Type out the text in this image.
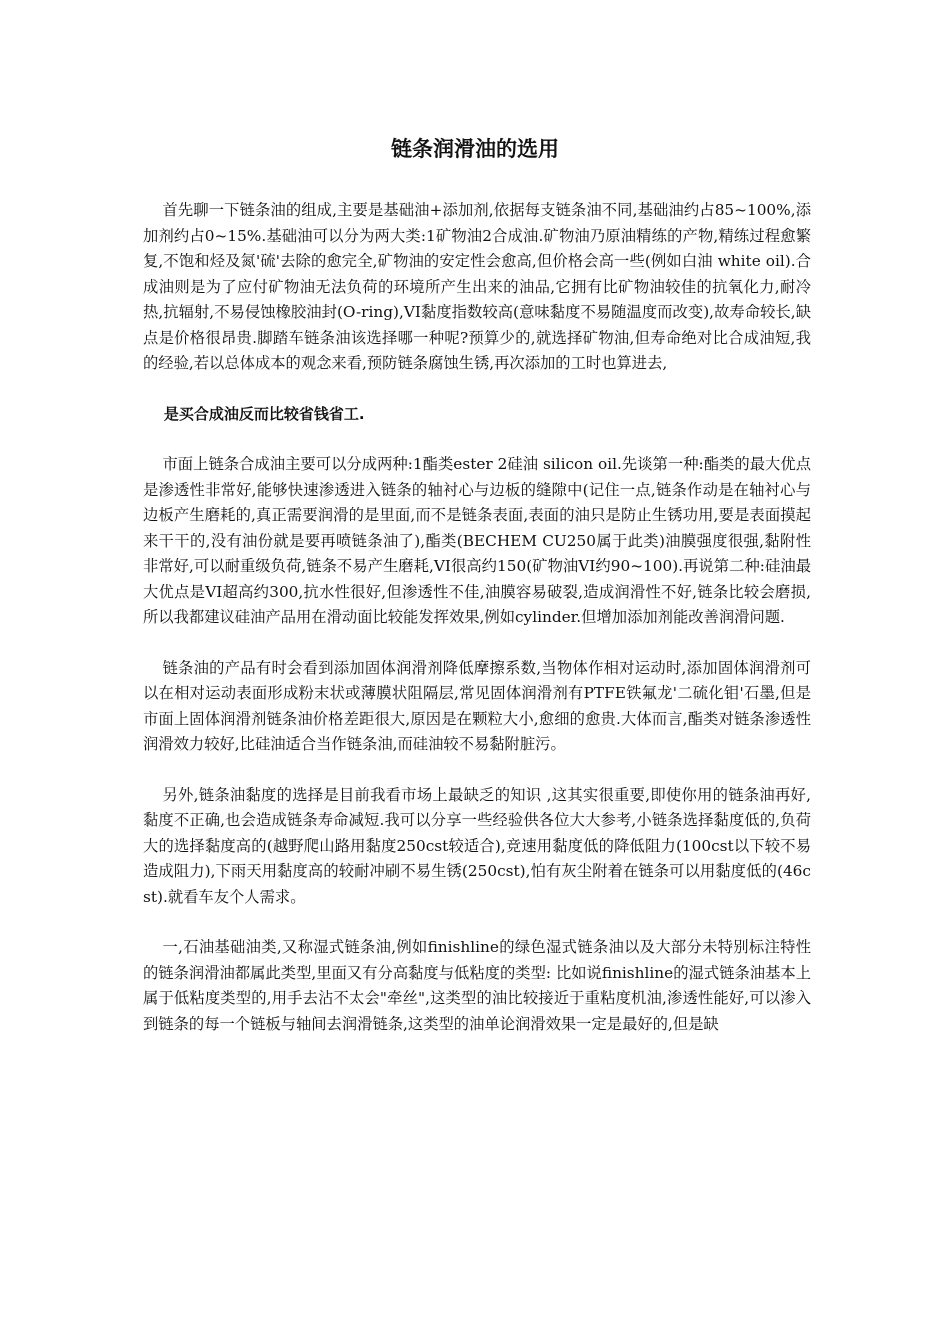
链条润滑油的选用

首先聊一下链条油的组成,主要是基础油+添加剂,依据每支链条油不同,基础油约占85~100%,添加剂约占0~15%.基础油可以分为两大类:1矿物油2合成油.矿物油乃原油精练的产物,精练过程愈繁复,不饱和烃及氮'硫'去除的愈完全,矿物油的安定性会愈高,但价格会高一些(例如白油 white oil).合成油则是为了应付矿物油无法负荷的环境所产生出来的油品,它拥有比矿物油较佳的抗氧化力,耐冷热,抗辐射,不易侵蚀橡胶油封(O-ring),VI黏度指数较高(意味黏度不易随温度而改变),故寿命较长,缺点是价格很昂贵.脚踏车链条油该选择哪一种呢?预算少的,就选择矿物油,但寿命绝对比合成油短,我的经验,若以总体成本的观念来看,预防链条腐蚀生锈,再次添加的工时也算进去,

是买合成油反而比较省钱省工.

市面上链条合成油主要可以分成两种:1酯类ester 2硅油 silicon oil.先谈第一种:酯类的最大优点是渗透性非常好,能够快速渗透进入链条的轴衬心与边板的缝隙中(记住一点,链条作动是在轴衬心与边板产生磨耗的,真正需要润滑的是里面,而不是链条表面,表面的油只是防止生锈功用,要是表面摸起来干干的,没有油份就是要再喷链条油了),酯类(BECHEM CU250属于此类)油膜强度很强,黏附性非常好,可以耐重级负荷,链条不易产生磨耗,VI很高约150(矿物油VI约90~100).再说第二种:硅油最大优点是VI超高约300,抗水性很好,但渗透性不佳,油膜容易破裂,造成润滑性不好,链条比较会磨损,所以我都建议硅油产品用在滑动面比较能发挥效果,例如cylinder.但增加添加剂能改善润滑问题.

链条油的产品有时会看到添加固体润滑剂降低摩擦系数,当物体作相对运动时,添加固体润滑剂可以在相对运动表面形成粉末状或薄膜状阻隔层,常见固体润滑剂有PTFE铁氟龙'二硫化钼'石墨,但是市面上固体润滑剂链条油价格差距很大,原因是在颗粒大小,愈细的愈贵.大体而言,酯类对链条渗透性润滑效力较好,比硅油适合当作链条油,而硅油较不易黏附脏污。

另外,链条油黏度的选择是目前我看市场上最缺乏的知识 ,这其实很重要,即使你用的链条油再好,黏度不正确,也会造成链条寿命减短.我可以分享一些经验供各位大大参考,小链条选择黏度低的,负荷大的选择黏度高的(越野爬山路用黏度250cst较适合),竞速用黏度低的降低阻力(100cst以下较不易造成阻力),下雨天用黏度高的较耐冲刷不易生锈(250cst),怕有灰尘附着在链条可以用黏度低的(46cst).就看车友个人需求。

一,石油基础油类,又称湿式链条油,例如finishline的绿色湿式链条油以及大部分未特别标注特性的链条润滑油都属此类型,里面又有分高黏度与低粘度的类型: 比如说finishline的湿式链条油基本上属于低粘度类型的,用手去沾不太会"牵丝",这类型的油比较接近于重粘度机油,渗透性能好,可以渗入到链条的每一个链板与轴间去润滑链条,这类型的油单论润滑效果一定是最好的,但是缺
